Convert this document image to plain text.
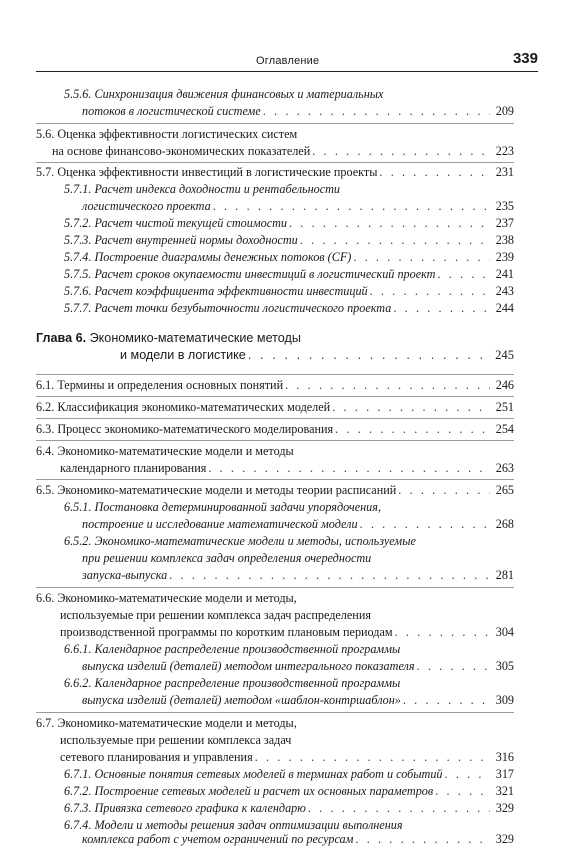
Оглавление	339
5.5.6. Синхронизация движения финансовых и материальных
потоков в логистической системе . . .	209
5.6. Оценка эффективности логистических систем
на основе финансово-экономических показателей . . .	223
5.7. Оценка эффективности инвестиций в логистические проекты . . .	231
5.7.1. Расчет индекса доходности и рентабельности
логистического проекта . . .	235
5.7.2. Расчет чистой текущей стоимости . . .	237
5.7.3. Расчет внутренней нормы доходности . . .	238
5.7.4. Построение диаграммы денежных потоков (CF) . . .	239
5.7.5. Расчет сроков окупаемости инвестиций в логистический проект . . .	241
5.7.6. Расчет коэффициента эффективности инвестиций . . .	243
5.7.7. Расчет точки безубыточности логистического проекта . . .	244
Глава 6. Экономико-математические методы
и модели в логистике . . .	245
6.1. Термины и определения основных понятий . . .	246
6.2. Классификация экономико-математических моделей . . .	251
6.3. Процесс экономико-математического моделирования . . .	254
6.4. Экономико-математические модели и методы
календарного планирования . . .	263
6.5. Экономико-математические модели и методы теории расписаний . . .	265
6.5.1. Постановка детерминированной задачи упорядочения,
построение и исследование математической модели . . .	268
6.5.2. Экономико-математические модели и методы, используемые
при решении комплекса задач определения очередности
запуска-выпуска . . .	281
6.6. Экономико-математические модели и методы,
используемые при решении комплекса задач распределения
производственной программы по коротким плановым периодам . . .	304
6.6.1. Календарное распределение производственной программы
выпуска изделий (деталей) методом интегрального показателя . . .	305
6.6.2. Календарное распределение производственной программы
выпуска изделий (деталей) методом «шаблон-контршаблон» . . .	309
6.7. Экономико-математические модели и методы,
используемые при решении комплекса задач
сетевого планирования и управления . . .	316
6.7.1. Основные понятия сетевых моделей в терминах работ и событий . . .	317
6.7.2. Построение сетевых моделей и расчет их основных параметров . . .	321
6.7.3. Привязка сетевого графика к календарю . . .	329
6.7.4. Модели и методы решения задач оптимизации выполнения
комплекса работ с учетом ограничений по ресурсам . . .	329
